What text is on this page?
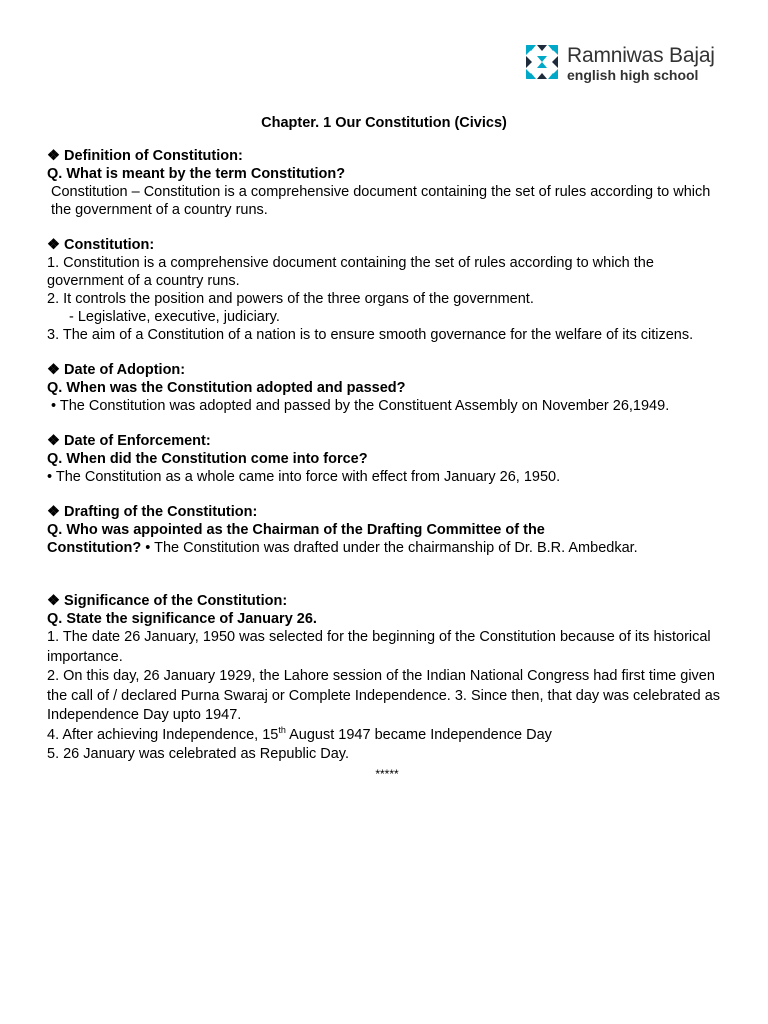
Ramniwas Bajaj
english high school
Chapter. 1 Our Constitution (Civics)

❖ Definition of Constitution:

Q. What is meant by the term Constitution?

Constitution – Constitution is a comprehensive document containing the set of rules according to which the government of a country runs.

❖ Constitution:

1. Constitution is a comprehensive document containing the set of rules according to which the government of a country runs.

2. It controls the position and powers of the three organs of the government.

- Legislative, executive, judiciary.

3. The aim of a Constitution of a nation is to ensure smooth governance for the welfare of its citizens.

❖ Date of Adoption:

Q. When was the Constitution adopted and passed?

• The Constitution was adopted and passed by the Constituent Assembly on November 26,1949.

❖ Date of Enforcement:

Q. When did the Constitution come into force?

• The Constitution as a whole came into force with effect from January 26, 1950.

❖ Drafting of the Constitution:

Q. Who was appointed as the Chairman of the Drafting Committee of the

Constitution? • The Constitution was drafted under the chairmanship of Dr. B.R. Ambedkar.

❖ Significance of the Constitution:

Q. State the significance of January 26.

1. The date 26 January, 1950 was selected for the beginning of the Constitution because of its historical importance.

2. On this day, 26 January 1929, the Lahore session of the Indian National Congress had first time given the call of / declared Purna Swaraj or Complete Independence. 3. Since then, that day was celebrated as Independence Day upto 1947.

4. After achieving Independence, 15th August 1947 became Independence Day

5. 26 January was celebrated as Republic Day.

*****
